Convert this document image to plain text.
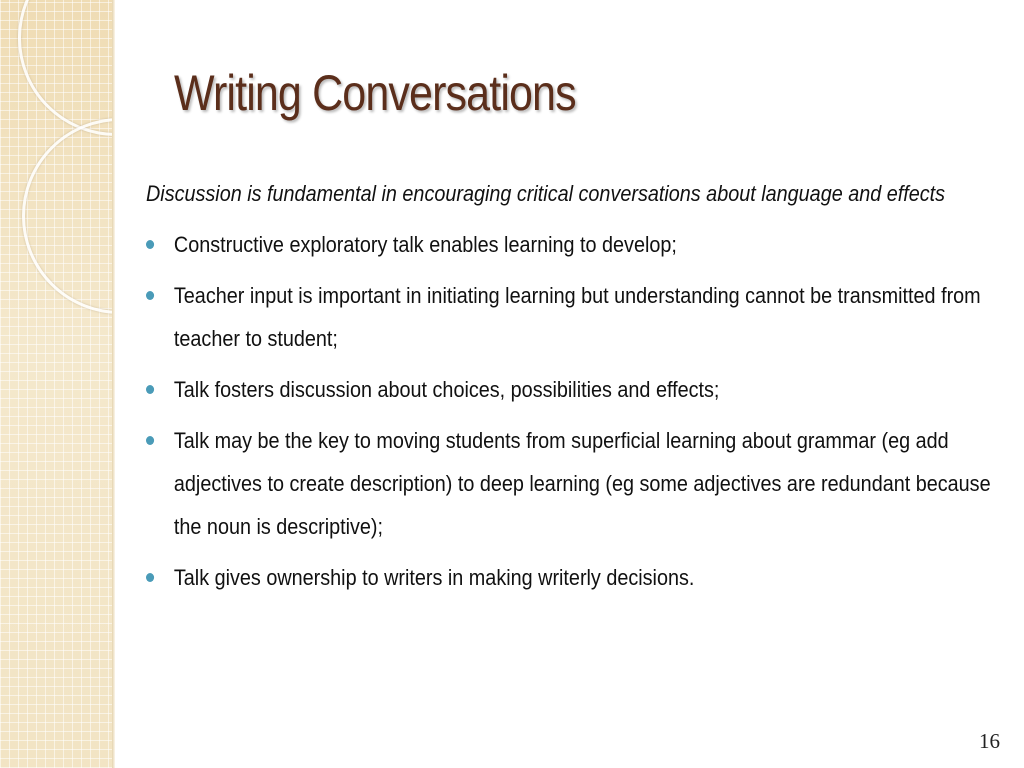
Writing Conversations

Discussion is fundamental in encouraging critical conversations about language and effects

Constructive exploratory talk enables learning to develop;
Teacher input is important in initiating learning but understanding cannot be transmitted from teacher to student;
Talk fosters discussion about choices, possibilities and effects;
Talk may be the key to moving students from superficial learning about grammar (eg add adjectives to create description) to deep learning (eg some adjectives are redundant because the noun is descriptive);
Talk gives ownership to writers in making writerly decisions.
16
